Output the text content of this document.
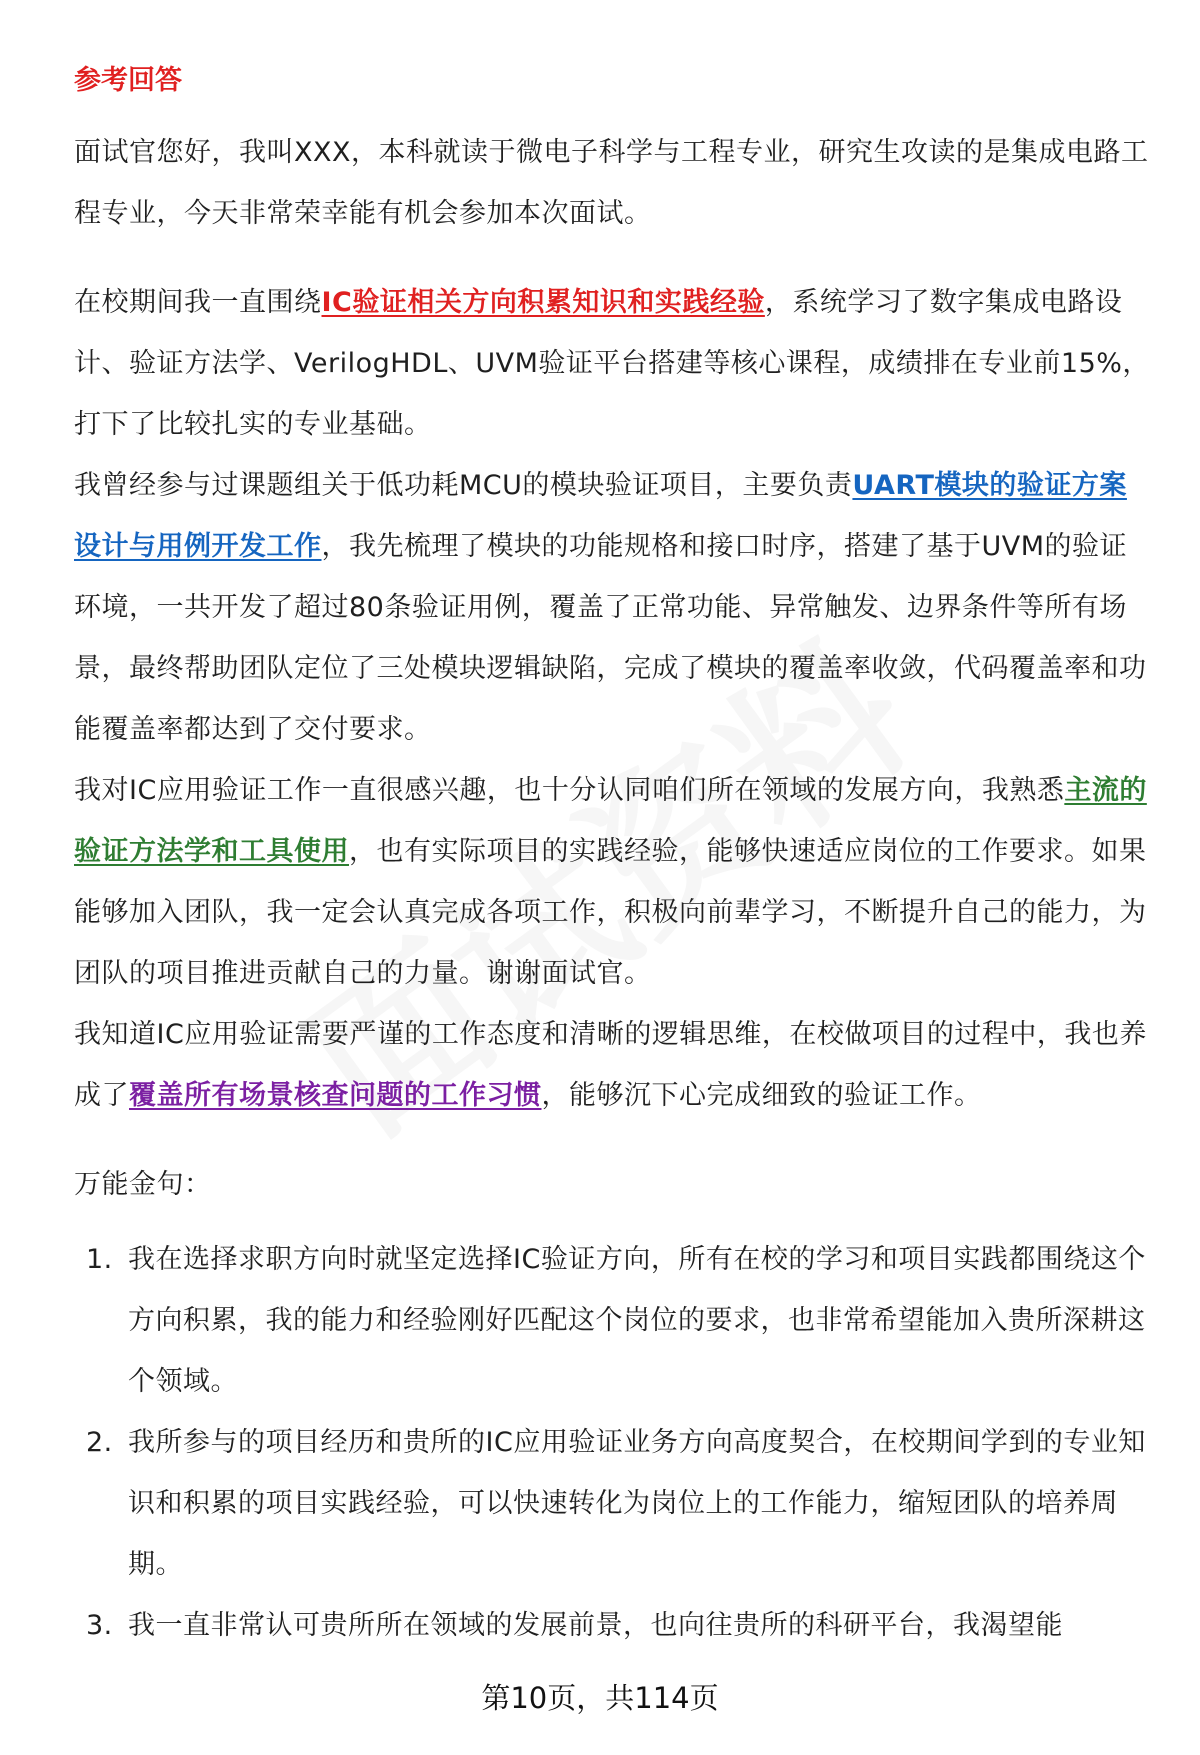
参考回答

面试官您好，我叫XXX，本科就读于微电子科学与工程专业，研究生攻读的是集成电路工程专业，今天非常荣幸能有机会参加本次面试。

在校期间我一直围绕IC验证相关方向积累知识和实践经验，系统学习了数字集成电路设计、验证方法学、VerilogHDL、UVM验证平台搭建等核心课程，成绩排在专业前15%，打下了比较扎实的专业基础。

我曾经参与过课题组关于低功耗MCU的模块验证项目，主要负责UART模块的验证方案设计与用例开发工作，我先梳理了模块的功能规格和接口时序，搭建了基于UVM的验证环境，一共开发了超过80条验证用例，覆盖了正常功能、异常触发、边界条件等所有场景，最终帮助团队定位了三处模块逻辑缺陷，完成了模块的覆盖率收敛，代码覆盖率和功能覆盖率都达到了交付要求。

我对IC应用验证工作一直很感兴趣，也十分认同咱们所在领域的发展方向，我熟悉主流的验证方法学和工具使用，也有实际项目的实践经验，能够快速适应岗位的工作要求。如果能够加入团队，我一定会认真完成各项工作，积极向前辈学习，不断提升自己的能力，为团队的项目推进贡献自己的力量。谢谢面试官。

我知道IC应用验证需要严谨的工作态度和清晰的逻辑思维，在校做项目的过程中，我也养成了覆盖所有场景核查问题的工作习惯，能够沉下心完成细致的验证工作。

万能金句：

1. 我在选择求职方向时就坚定选择IC验证方向，所有在校的学习和项目实践都围绕这个方向积累，我的能力和经验刚好匹配这个岗位的要求，也非常希望能加入贵所深耕这个领域。
2. 我所参与的项目经历和贵所的IC应用验证业务方向高度契合，在校期间学到的专业知识和积累的项目实践经验，可以快速转化为岗位上的工作能力，缩短团队的培养周期。
3. 我一直非常认可贵所所在领域的发展前景，也向往贵所的科研平台，我渴望能
第10页，共114页
